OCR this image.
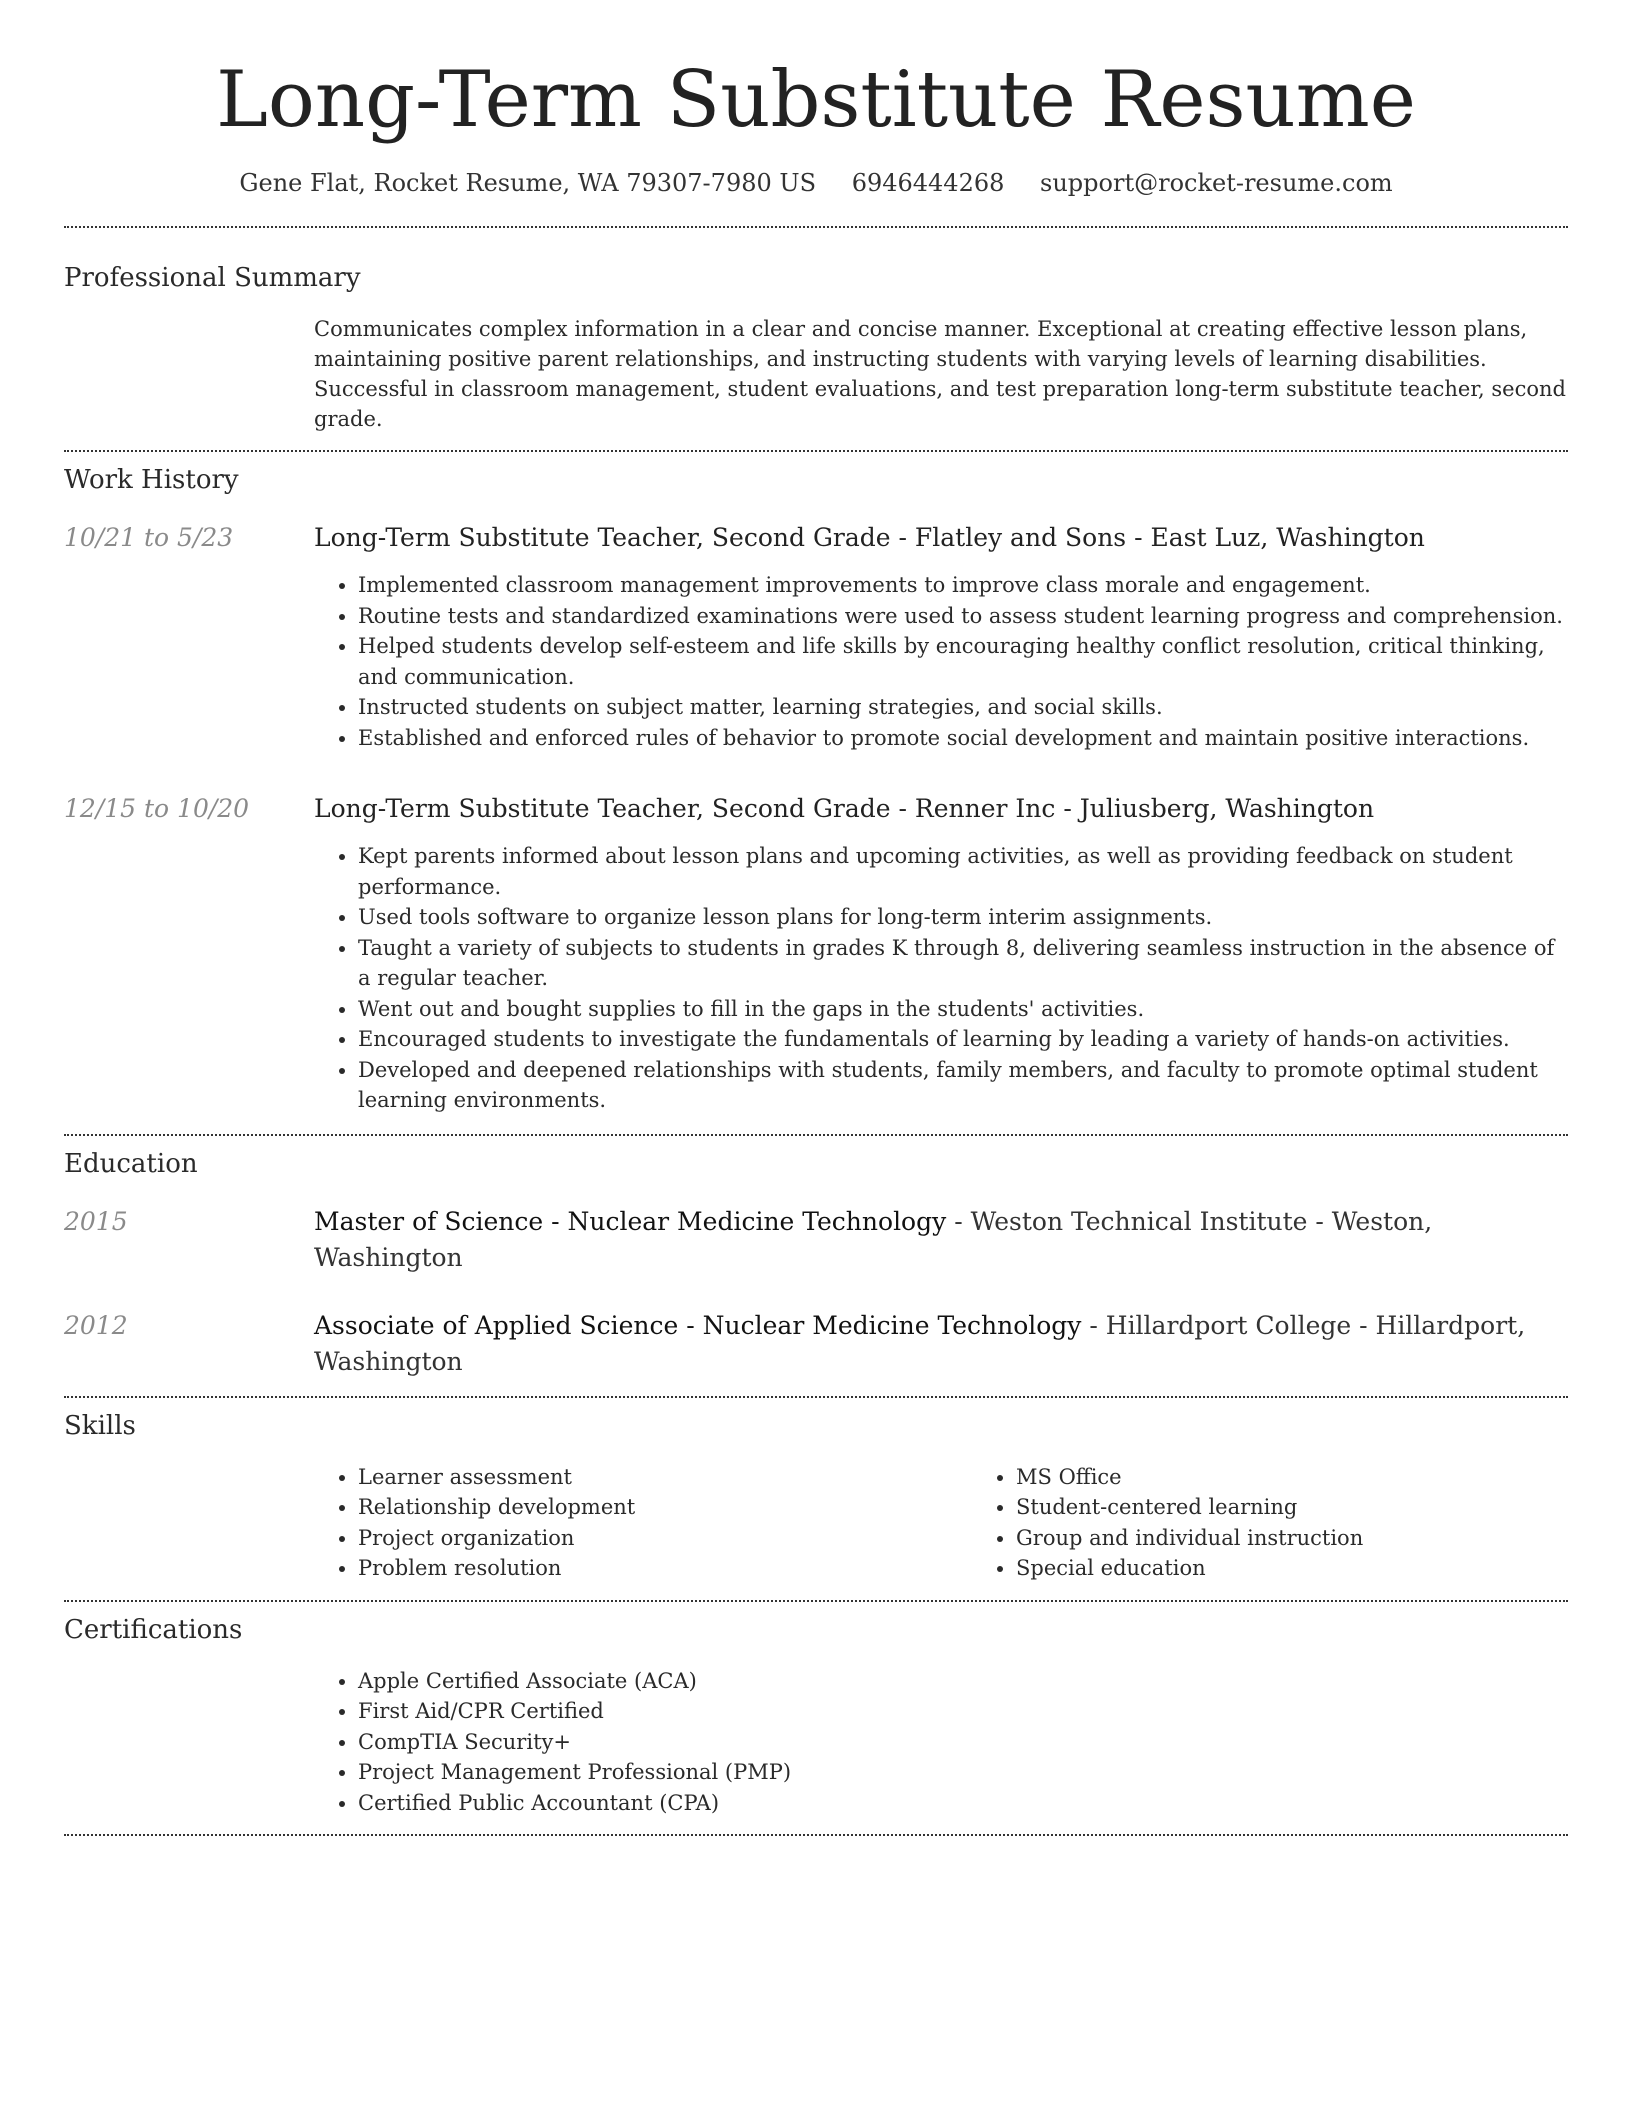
Long-Term Substitute Resume
Gene Flat, Rocket Resume, WA 79307-7980 US 6946444268 support@rocket-resume.com
Professional Summary

Communicates complex information in a clear and concise manner. Exceptional at creating effective lesson plans, maintaining positive parent relationships, and instructing students with varying levels of learning disabilities. Successful in classroom management, student evaluations, and test preparation long-term substitute teacher, second grade.

Work History
10/21 to 5/23	Long-Term Substitute Teacher, Second Grade - Flatley and Sons - East Luz, Washington
• Implemented classroom management improvements to improve class morale and engagement.
• Routine tests and standardized examinations were used to assess student learning progress and comprehension.
• Helped students develop self-esteem and life skills by encouraging healthy conflict resolution, critical thinking, and communication.
• Instructed students on subject matter, learning strategies, and social skills.
• Established and enforced rules of behavior to promote social development and maintain positive interactions.
12/15 to 10/20	Long-Term Substitute Teacher, Second Grade - Renner Inc - Juliusberg, Washington
• Kept parents informed about lesson plans and upcoming activities, as well as providing feedback on student performance.
• Used tools software to organize lesson plans for long-term interim assignments.
• Taught a variety of subjects to students in grades K through 8, delivering seamless instruction in the absence of a regular teacher.
• Went out and bought supplies to fill in the gaps in the students' activities.
• Encouraged students to investigate the fundamentals of learning by leading a variety of hands-on activities.
• Developed and deepened relationships with students, family members, and faculty to promote optimal student learning environments.
Education
2015	Master of Science - Nuclear Medicine Technology - Weston Technical Institute - Weston, Washington
2012	Associate of Applied Science - Nuclear Medicine Technology - Hillardport College - Hillardport, Washington
Skills
• Learner assessment
• Relationship development
• Project organization
• Problem resolution
• MS Office
• Student-centered learning
• Group and individual instruction
• Special education
Certifications
• Apple Certified Associate (ACA)
• First Aid/CPR Certified
• CompTIA Security+
• Project Management Professional (PMP)
• Certified Public Accountant (CPA)
